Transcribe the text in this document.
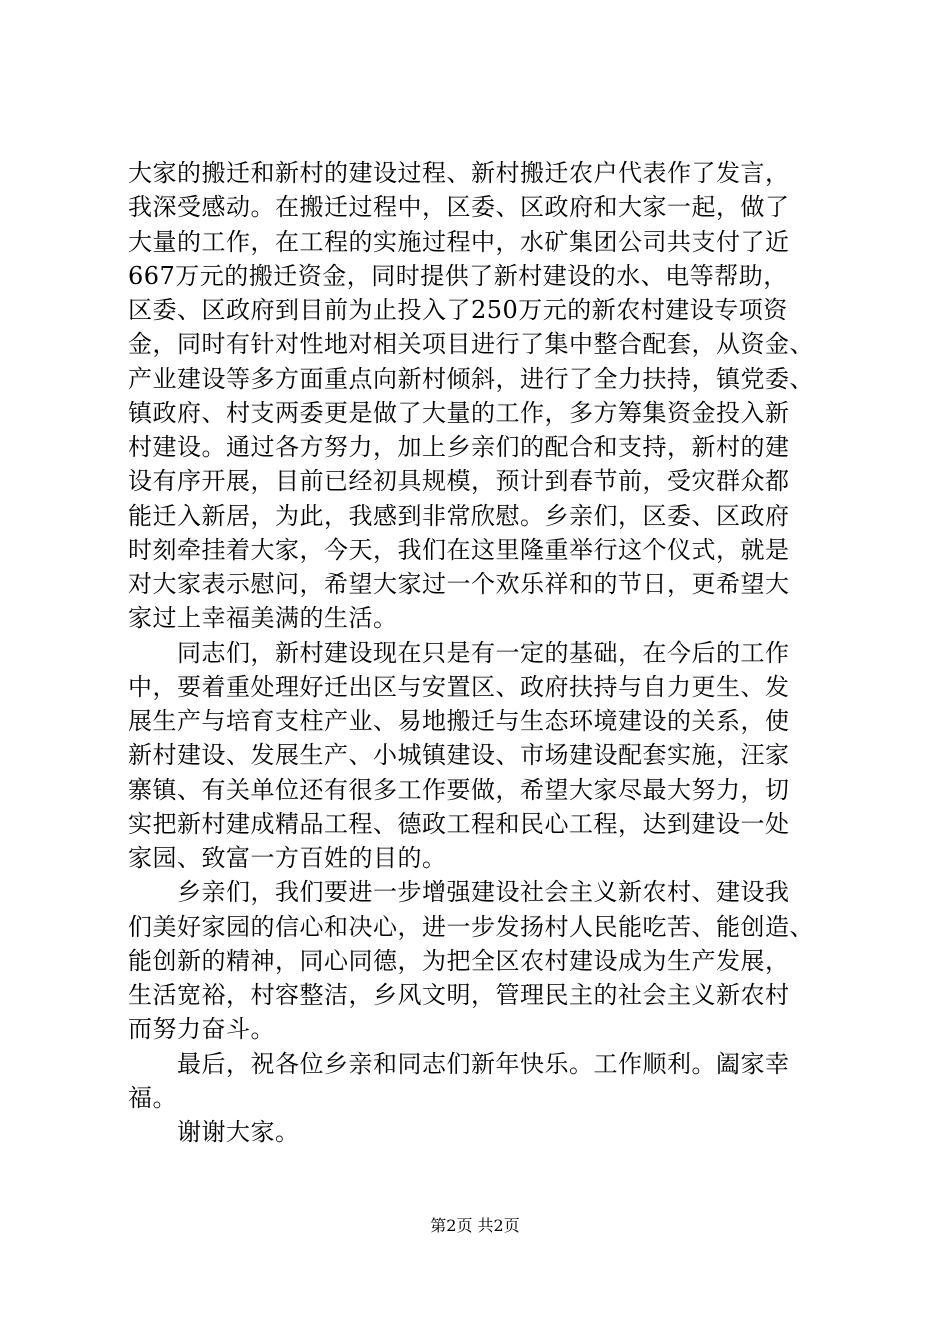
大家的搬迁和新村的建设过程、新村搬迁农户代表作了发言，
我深受感动。在搬迁过程中，区委、区政府和大家一起，做了
大量的工作，在工程的实施过程中，水矿集团公司共支付了近
667万元的搬迁资金，同时提供了新村建设的水、电等帮助，
区委、区政府到目前为止投入了250万元的新农村建设专项资
金，同时有针对性地对相关项目进行了集中整合配套，从资金、
产业建设等多方面重点向新村倾斜，进行了全力扶持，镇党委、
镇政府、村支两委更是做了大量的工作，多方筹集资金投入新
村建设。通过各方努力，加上乡亲们的配合和支持，新村的建
设有序开展，目前已经初具规模，预计到春节前，受灾群众都
能迁入新居，为此，我感到非常欣慰。乡亲们，区委、区政府
时刻牵挂着大家，今天，我们在这里隆重举行这个仪式，就是
对大家表示慰问，希望大家过一个欢乐祥和的节日，更希望大
家过上幸福美满的生活。
　　同志们，新村建设现在只是有一定的基础，在今后的工作
中，要着重处理好迁出区与安置区、政府扶持与自力更生、发
展生产与培育支柱产业、易地搬迁与生态环境建设的关系，使
新村建设、发展生产、小城镇建设、市场建设配套实施，汪家
寨镇、有关单位还有很多工作要做，希望大家尽最大努力，切
实把新村建成精品工程、德政工程和民心工程，达到建设一处
家园、致富一方百姓的目的。
　　乡亲们，我们要进一步增强建设社会主义新农村、建设我
们美好家园的信心和决心，进一步发扬村人民能吃苦、能创造、
能创新的精神，同心同德，为把全区农村建设成为生产发展，
生活宽裕，村容整洁，乡风文明，管理民主的社会主义新农村
而努力奋斗。
　　最后，祝各位乡亲和同志们新年快乐。工作顺利。阖家幸
福。
　　谢谢大家。
第2页 共2页
